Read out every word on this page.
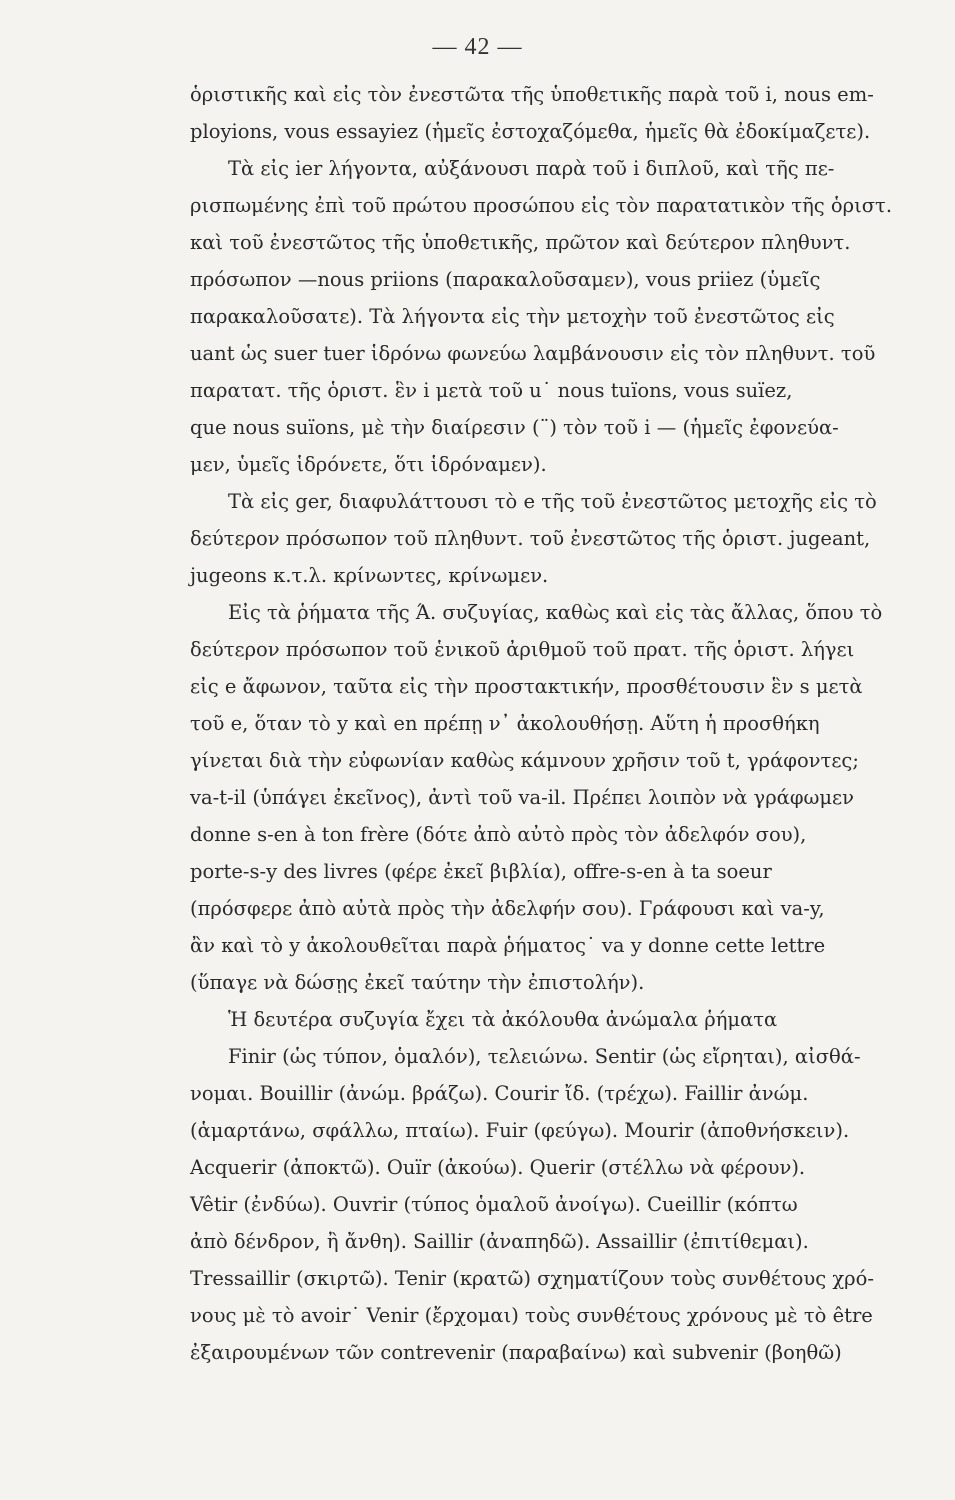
— 42 —
ὁριστικῆς καὶ εἰς τὸν ἐνεστῶτα τῆς ὑποθετικῆς παρὰ τοῦ i, nous em-
ployions, vous essayiez (ἡμεῖς ἐστοχαζόμεθα, ἡμεῖς θὰ ἐδοκίμαζετε).
Τὰ εἰς ier λήγοντα, αὐξάνουσι παρὰ τοῦ i διπλοῦ, καὶ τῆς πε-
ρισπωμένης ἐπὶ τοῦ πρώτου προσώπου εἰς τὸν παρατατικὸν τῆς ὁριστ.
καὶ τοῦ ἐνεστῶτος τῆς ὑποθετικῆς, πρῶτον καὶ δεύτερον πληθυντ.
πρόσωπον —nous priions (παρακαλοῦσαμεν), vous priiez (ὑμεῖς
παρακαλοῦσατε). Τὰ λήγοντα εἰς τὴν μετοχὴν τοῦ ἐνεστῶτος εἰς
uant ὡς suer tuer ἱδρόνω φωνεύω λαμβάνουσιν εἰς τὸν πληθυντ. τοῦ
παρατατ. τῆς ὁριστ. ἓν i μετὰ τοῦ u˙ nous tuïons, vous suïez,
que nous suïons, μὲ τὴν διαίρεσιν (¨) τὸν τοῦ i — (ἡμεῖς ἐφονεύα-
μεν, ὑμεῖς ἱδρόνετε, ὅτι ἱδρόναμεν).
Τὰ εἰς ger, διαφυλάττουσι τὸ e τῆς τοῦ ἐνεστῶτος μετοχῆς εἰς τὸ
δεύτερον πρόσωπον τοῦ πληθυντ. τοῦ ἐνεστῶτος τῆς ὁριστ. jugeant,
jugeons κ.τ.λ. κρίνωντες, κρίνωμεν.
Εἰς τὰ ῥήματα τῆς Ά. συζυγίας, καθὼς καὶ εἰς τὰς ἄλλας, ὅπου τὸ
δεύτερον πρόσωπον τοῦ ἑνικοῦ ἀριθμοῦ τοῦ πρατ. τῆς ὁριστ. λήγει
εἰς e ἄφωνον, ταῦτα εἰς τὴν προστακτικήν, προσθέτουσιν ἓν s μετὰ
τοῦ e, ὅταν τὸ y καὶ en πρέπῃ ν᾿ ἀκολουθήσῃ. Αὕτη ἡ προσθήκη
γίνεται διὰ τὴν εὐφωνίαν καθὼς κάμνουν χρῆσιν τοῦ t, γράφοντες;
va-t-il (ὑπάγει ἐκεῖνος), ἀντὶ τοῦ va-il. Πρέπει λοιπὸν νὰ γράφωμεν
donne s-en à ton frère (δότε ἀπὸ αὐτὸ πρὸς τὸν ἀδελφόν σου),
porte-s-y des livres (φέρε ἐκεῖ βιβλία), offre-s-en à ta soeur
(πρόσφερε ἀπὸ αὐτὰ πρὸς τὴν ἀδελφήν σου). Γράφουσι καὶ va-y,
ἂν καὶ τὸ y ἀκολουθεῖται παρὰ ῥήματος˙ va y donne cette lettre
(ὕπαγε νὰ δώσῃς ἐκεῖ ταύτην τὴν ἐπιστολήν).
Ἡ δευτέρα συζυγία ἔχει τὰ ἀκόλουθα ἀνώμαλα ῥήματα
Finir (ὡς τύπον, ὁμαλόν), τελειώνω. Sentir (ὡς εἴρηται), αἰσθά-
νομαι. Bouillir (ἀνώμ. βράζω). Courir ἴδ. (τρέχω). Faillir ἀνώμ.
(ἁμαρτάνω, σφάλλω, πταίω). Fuir (φεύγω). Mourir (ἀποθνήσκειν).
Acquerir (ἀποκτῶ). Ouïr (ἀκούω). Querir (στέλλω νὰ φέρουν).
Vêtir (ἐνδύω). Ouvrir (τύπος ὁμαλοῦ ἀνοίγω). Cueillir (κόπτω
ἀπὸ δένδρον, ἢ ἄνθη). Saillir (ἀναπηδῶ). Assaillir (ἐπιτίθεμαι).
Tressaillir (σκιρτῶ). Tenir (κρατῶ) σχηματίζουν τοὺς συνθέτους χρό-
νους μὲ τὸ avoir˙ Venir (ἔρχομαι) τοὺς συνθέτους χρόνους μὲ τὸ être
ἐξαιρουμένων τῶν contrevenir (παραβαίνω) καὶ subvenir (βοηθῶ)
